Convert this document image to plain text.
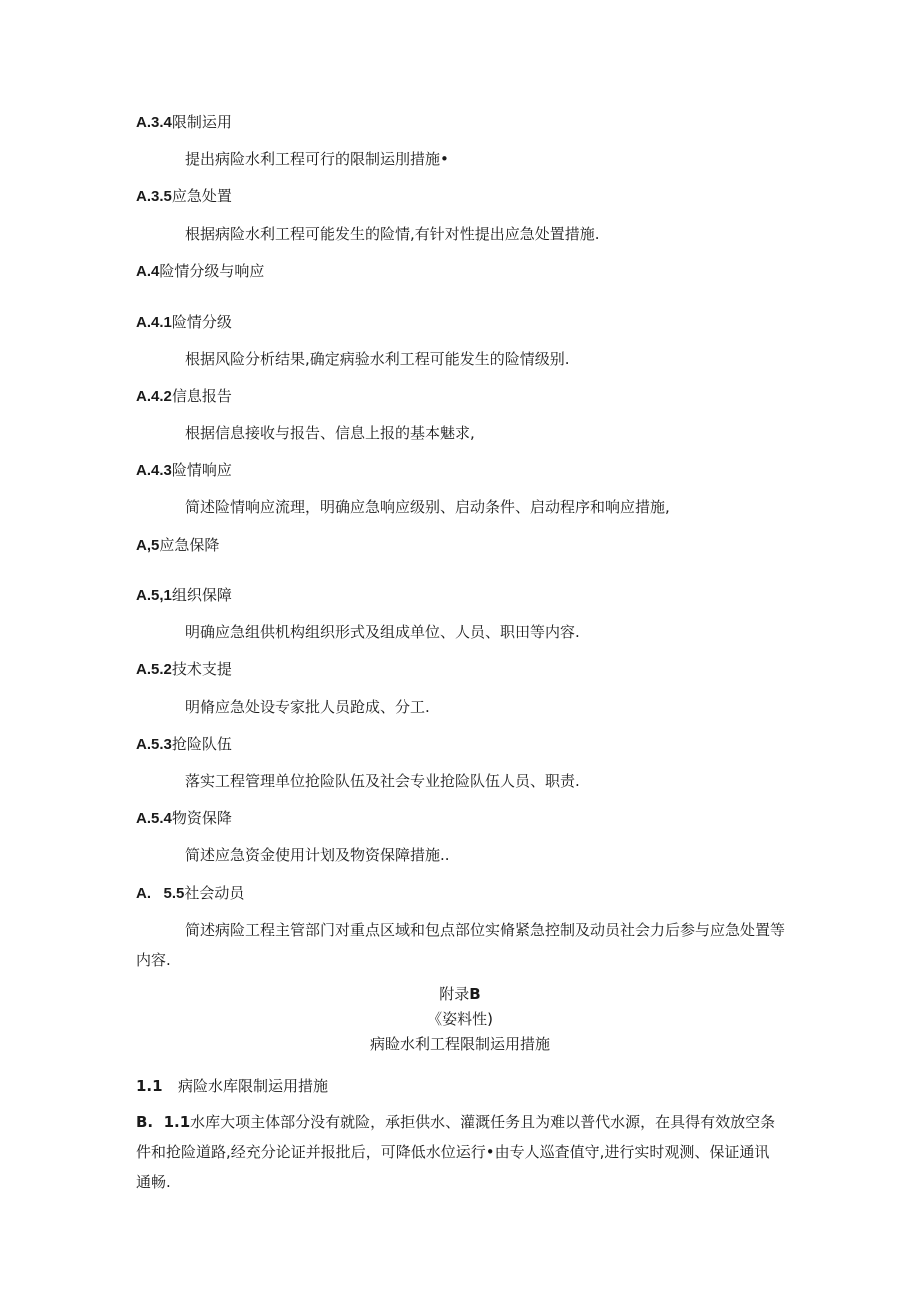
A.3.4限制运用
提出病险水利工程可行的限制运刖措施•
A.3.5应急处置
根据病险水利工程可能发生的险情,有针对性提出应急处置措施.
A.4险情分级与响应
A.4.1险情分级
根据风险分析结果,确定病验水利工程可能发生的险情级别.
A.4.2信息报告
根据信息接收与报告、信息上报的基本魅求,
A.4.3险情响应
简述险情响应流理，明确应急响应级别、启动条件、启动程序和响应措施,
A,5应急保降
A.5,1组织保障
明确应急组供机构组织形式及组成单位、人员、职田等内容.
A.5.2技术支提
明脩应急处设专家批人员跄成、分工.
A.5.3抢险队伍
落实工程管理单位抢险队伍及社会专业抢险队伍人员、职责.
A.5.4物资保降
简述应急资金使用计划及物资保障措施..
A.   5.5社会动员
简述病险工程主管部门对重点区域和包点部位实脩紧急控制及动员社会力后参与应急处置等内容.
附录B
《姿料性)
病睑水利工程限制运用措施
1.1 病险水库限制运用措施
B.  1.1水库大项主体部分没有就险，承拒供水、灌溉任务且为难以普代水源，在具得有效放空条件和抢险道路,经充分论证并报批后，可降低水位运行•由专人巡査值守,进行实时观测、保证通讯通畅.
